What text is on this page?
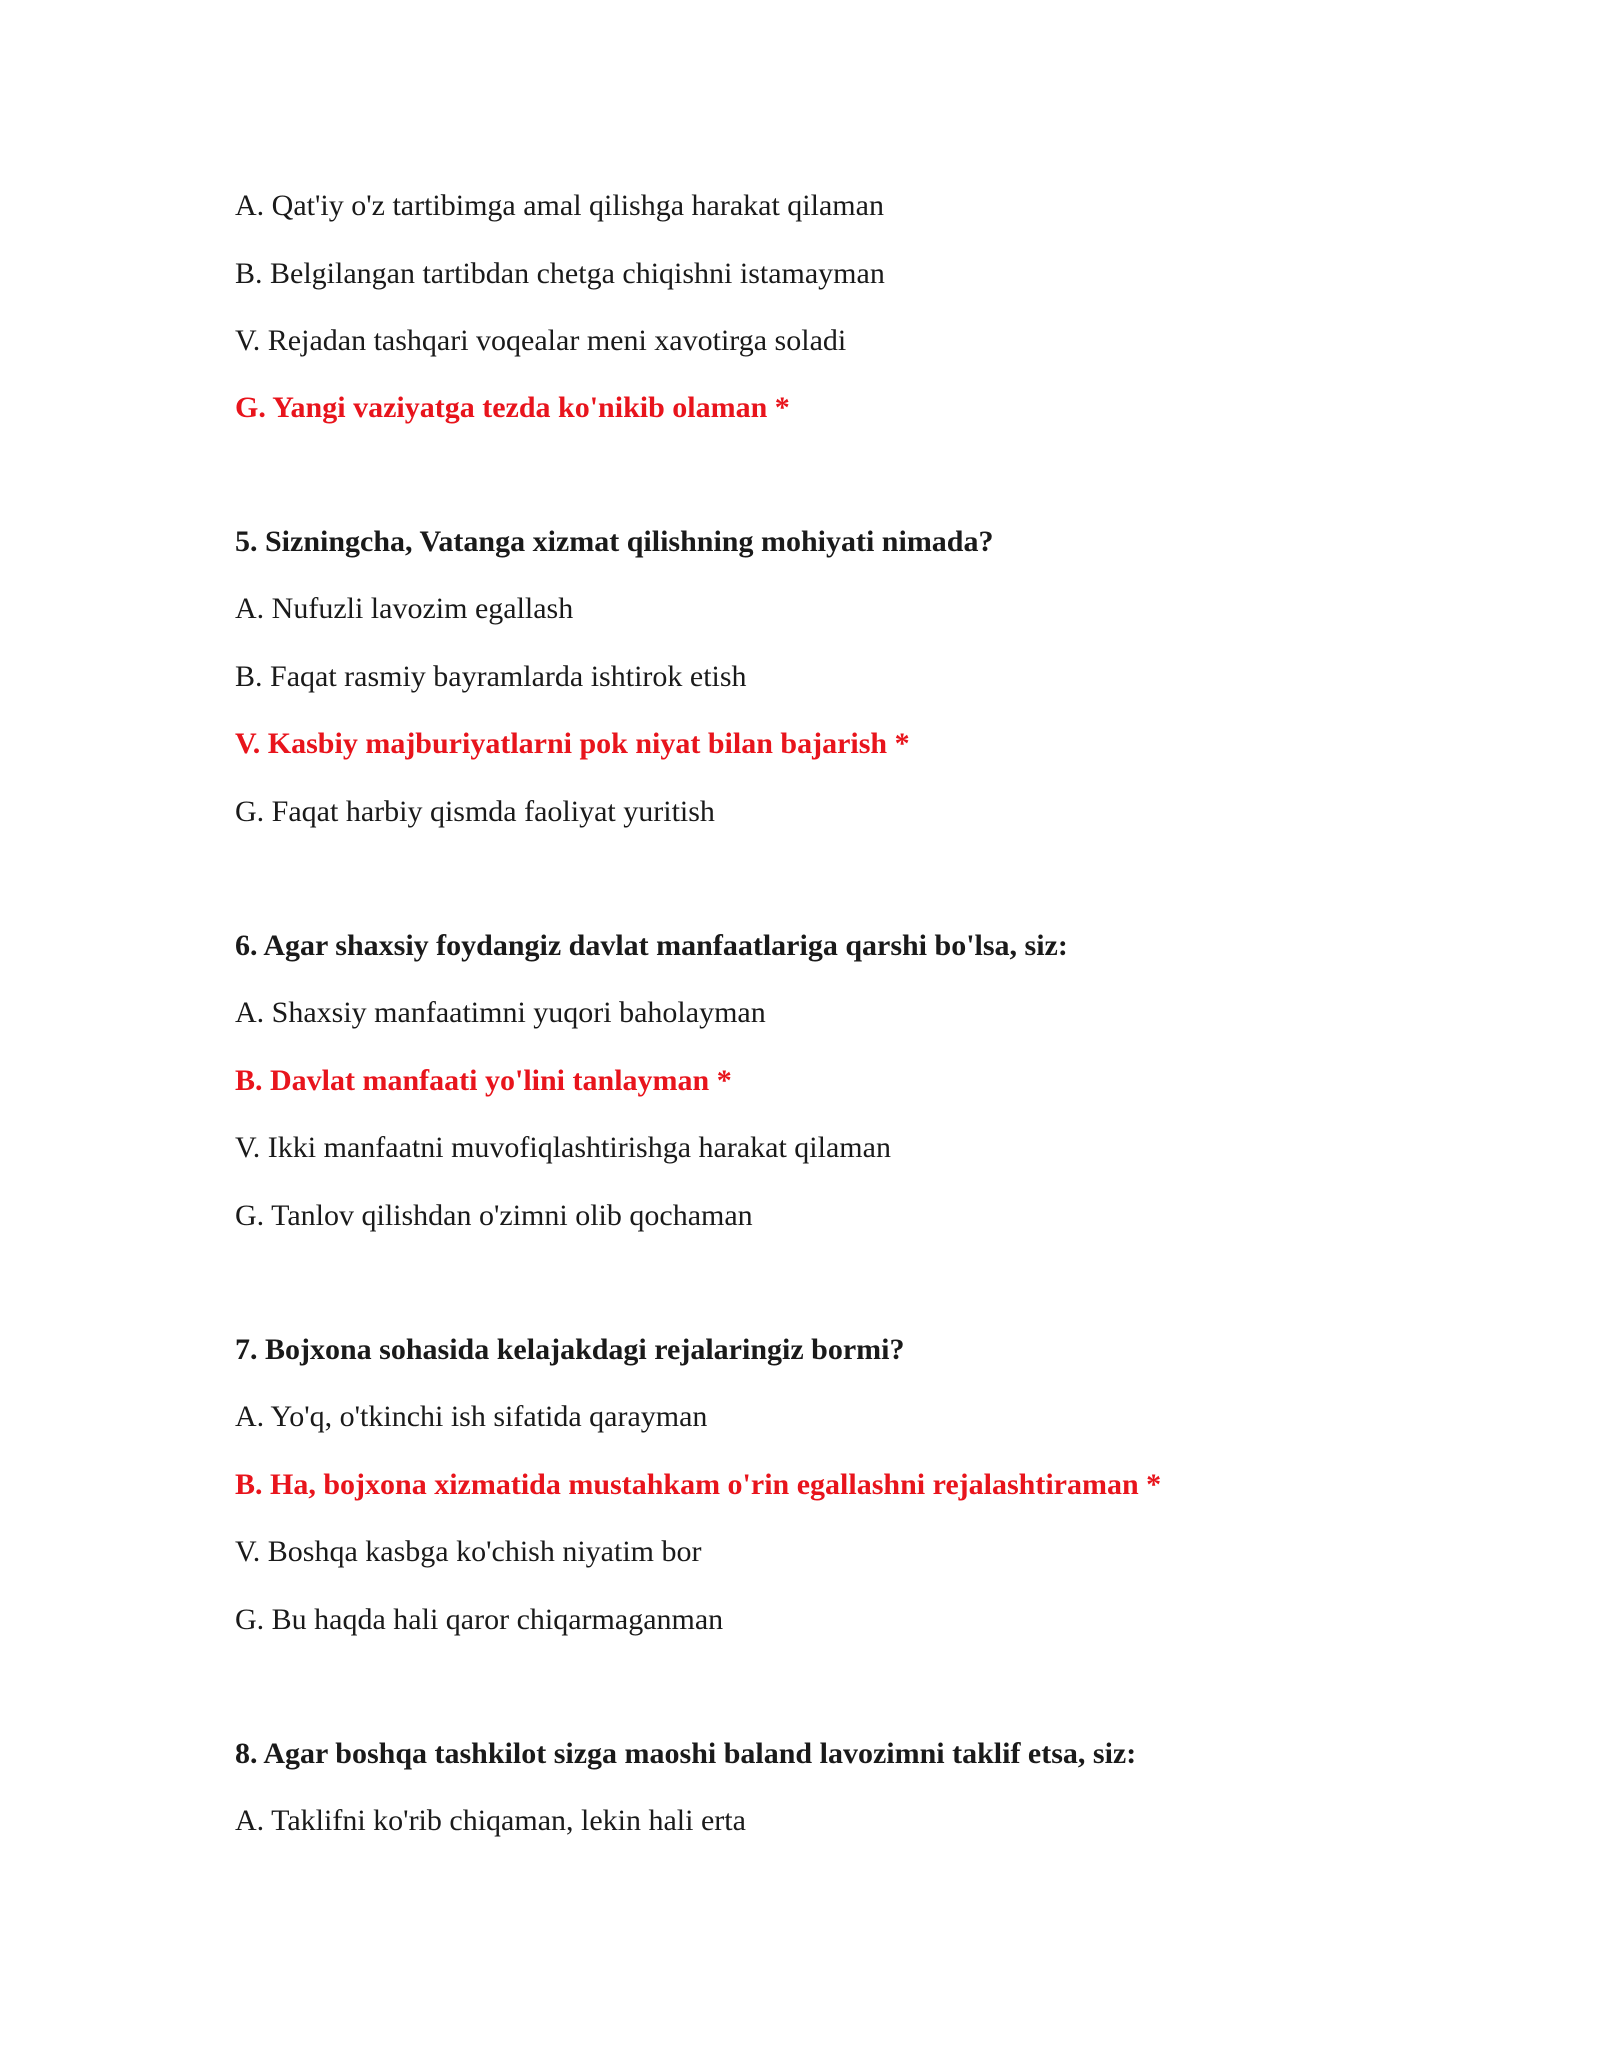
A. Qat'iy o'z tartibimga amal qilishga harakat qilaman
B. Belgilangan tartibdan chetga chiqishni istamayman
V. Rejadan tashqari voqealar meni xavotirga soladi
G. Yangi vaziyatga tezda ko'nikib olaman *
5. Sizningcha, Vatanga xizmat qilishning mohiyati nimada?
A. Nufuzli lavozim egallash
B. Faqat rasmiy bayramlarda ishtirok etish
V. Kasbiy majburiyatlarni pok niyat bilan bajarish *
G. Faqat harbiy qismda faoliyat yuritish
6. Agar shaxsiy foydangiz davlat manfaatlariga qarshi bo'lsa, siz:
A. Shaxsiy manfaatimni yuqori baholayman
B. Davlat manfaati yo'lini tanlayman *
V. Ikki manfaatni muvofiqlashtirishga harakat qilaman
G. Tanlov qilishdan o'zimni olib qochaman
7. Bojxona sohasida kelajakdagi rejalaringiz bormi?
A. Yo'q, o'tkinchi ish sifatida qarayman
B. Ha, bojxona xizmatida mustahkam o'rin egallashni rejalashtiraman *
V. Boshqa kasbga ko'chish niyatim bor
G. Bu haqda hali qaror chiqarmaganman
8. Agar boshqa tashkilot sizga maoshi baland lavozimni taklif etsa, siz:
A. Taklifni ko'rib chiqaman, lekin hali erta
